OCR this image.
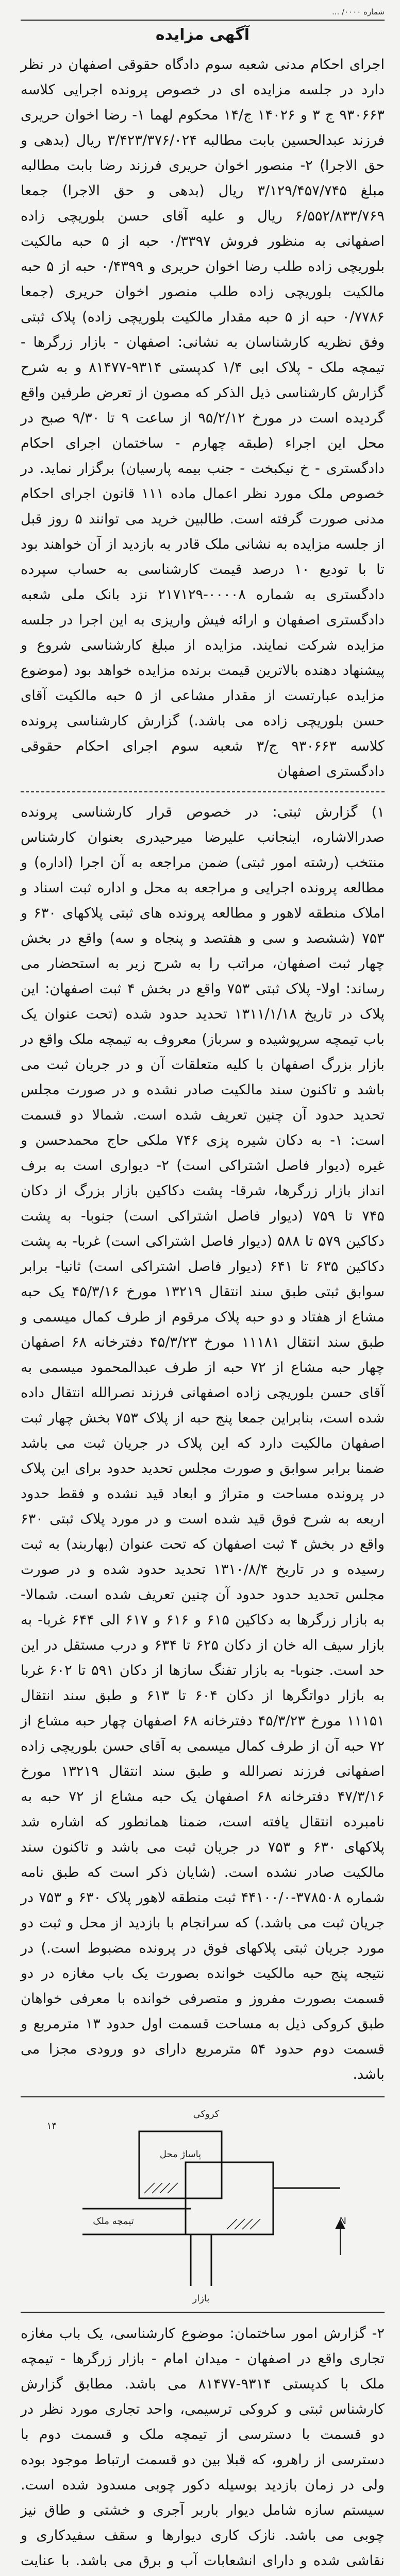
شماره ۰۰۰۰/ ...
آگهی مزایده

اجرای احکام مدنی شعبه سوم دادگاه حقوقی اصفهان در نظر دارد در جلسه مزایده ای در خصوص پرونده اجرایی کلاسه ۹۳۰۶۶۳ ج ۳ و ۱۴۰۲۶ ج/۱۴ محکوم لهما ۱- رضا اخوان حریری فرزند عبدالحسین بابت مطالبه ۳/۴۲۳/۳۷۶/۰۲۴ ریال (بدهی و حق الاجرا) ۲- منصور اخوان حریری فرزند رضا بابت مطالبه مبلغ ۳/۱۲۹/۴۵۷/۷۴۵ ریال (بدهی و حق الاجرا) جمعا ۶/۵۵۲/۸۳۳/۷۶۹ ریال و علیه آقای حسن بلوریچی زاده اصفهانی به منظور فروش ۰/۳۳۹۷ حبه از ۵ حبه مالکیت بلوریچی زاده طلب رضا اخوان حریری و ۰/۴۳۹۹ حبه از ۵ حبه مالکیت بلوریچی زاده طلب منصور اخوان حریری (جمعا ۰/۷۷۸۶ حبه از ۵ حبه مقدار مالکیت بلوریچی زاده) پلاک ثبتی وفق نظریه کارشناسان به نشانی: اصفهان - بازار زرگرها - تیمچه ملک - پلاک ابی ۱/۴ کدپستی ۹۳۱۴-۸۱۴۷۷ و به شرح گزارش کارشناسی ذیل الذکر که مصون از تعرض طرفین واقع گردیده است در مورخ ۹۵/۲/۱۲ از ساعت ۹ تا ۹/۳۰ صبح در محل این اجراء (طبقه چهارم - ساختمان اجرای احکام دادگستری - خ نیکبخت - جنب بیمه پارسیان) برگزار نماید. در خصوص ملک مورد نظر اعمال ماده ۱۱۱ قانون اجرای احکام مدنی صورت گرفته است. طالبین خرید می توانند ۵ روز قبل از جلسه مزایده به نشانی ملک قادر به بازدید از آن خواهند بود تا با تودیع ۱۰ درصد قیمت کارشناسی به حساب سپرده دادگستری به شماره ۰۰۰۰۸-۲۱۷۱۲۹ نزد بانک ملی شعبه دادگستری اصفهان و ارائه فیش واریزی به این اجرا در جلسه مزایده شرکت نمایند. مزایده از مبلغ کارشناسی شروع و پیشنهاد دهنده بالاترین قیمت برنده مزایده خواهد بود (موضوع مزایده عبارتست از مقدار مشاعی از ۵ حبه مالکیت آقای حسن بلوریچی زاده می باشد.) گزارش کارشناسی پرونده کلاسه ۹۳۰۶۶۳ ج/۳ شعبه سوم اجرای احکام حقوقی دادگستری اصفهان

۱) گزارش ثبتی: در خصوص قرار کارشناسی پرونده صدرالاشاره، اینجانب علیرضا میرحیدری بعنوان کارشناس منتخب (رشته امور ثبتی) ضمن مراجعه به آن اجرا (اداره) و مطالعه پرونده اجرایی و مراجعه به محل و اداره ثبت اسناد و املاک منطقه لاهور و مطالعه پرونده های ثبتی پلاکهای ۶۳۰ و ۷۵۳ (ششصد و سی و هفتصد و پنجاه و سه) واقع در بخش چهار ثبت اصفهان، مراتب را به شرح زیر به استحضار می رساند: اولا- پلاک ثبتی ۷۵۳ واقع در بخش ۴ ثبت اصفهان: این پلاک در تاریخ ۱۳۱۱/۱/۱۸ تحدید حدود شده (تحت عنوان یک باب تیمچه سرپوشیده و سرباز) معروف به تیمچه ملک واقع در بازار بزرگ اصفهان با کلیه متعلقات آن و در جریان ثبت می باشد و تاکنون سند مالکیت صادر نشده و در صورت مجلس تحدید حدود آن چنین تعریف شده است. شمالا دو قسمت است: ۱- به دکان شیره پزی ۷۴۶ ملکی حاج محمدحسن و غیره (دیوار فاصل اشتراکی است) ۲- دیواری است به برف انداز بازار زرگرها، شرقا- پشت دکاکین بازار بزرگ از دکان ۷۴۵ تا ۷۵۹ (دیوار فاصل اشتراکی است) جنوبا- به پشت دکاکین ۵۷۹ تا ۵۸۸ (دیوار فاصل اشتراکی است) غربا- به پشت دکاکین ۶۳۵ تا ۶۴۱ (دیوار فاصل اشتراکی است) ثانیا- برابر سوابق ثبتی طبق سند انتقال ۱۳۲۱۹ مورخ ۴۵/۳/۱۶ یک حبه مشاع از هفتاد و دو حبه پلاک مرقوم از طرف کمال میسمی و طبق سند انتقال ۱۱۱۸۱ مورخ ۴۵/۳/۲۳ دفترخانه ۶۸ اصفهان چهار حبه مشاع از ۷۲ حبه از طرف عبدالمحمود میسمی به آقای حسن بلوریچی زاده اصفهانی فرزند نصرالله انتقال داده شده است، بنابراین جمعا پنج حبه از پلاک ۷۵۳ بخش چهار ثبت اصفهان مالکیت دارد که این پلاک در جریان ثبت می باشد ضمنا برابر سوابق و صورت مجلس تحدید حدود برای این پلاک در پرونده مساحت و متراژ و ابعاد قید نشده و فقط حدود اربعه به شرح فوق قید شده است و در مورد پلاک ثبتی ۶۳۰ واقع در بخش ۴ ثبت اصفهان که تحت عنوان (بهاربند) به ثبت رسیده و در تاریخ ۱۳۱۰/۸/۴ تحدید حدود شده و در صورت مجلس تحدید حدود حدود آن چنین تعریف شده است. شمالا- به بازار زرگرها به دکاکین ۶۱۵ و ۶۱۶ و ۶۱۷ الی ۶۴۴ غربا- به بازار سیف اله خان از دکان ۶۲۵ تا ۶۳۴ و درب مستقل در این حد است. جنوبا- به بازار تفنگ سازها از دکان ۵۹۱ تا ۶۰۲ غربا به بازار دواتگرها از دکان ۶۰۴ تا ۶۱۳ و طبق سند انتقال ۱۱۱۵۱ مورخ ۴۵/۳/۲۳ دفترخانه ۶۸ اصفهان چهار حبه مشاع از ۷۲ حبه آن از طرف کمال میسمی به آقای حسن بلوریچی زاده اصفهانی فرزند نصرالله و طبق سند انتقال ۱۳۲۱۹ مورخ ۴۷/۳/۱۶ دفترخانه ۶۸ اصفهان یک حبه مشاع از ۷۲ حبه به نامبرده انتقال یافته است، ضمنا همانطور که اشاره شد پلاکهای ۶۳۰ و ۷۵۳ در جریان ثبت می باشد و تاکنون سند مالکیت صادر نشده است. (شایان ذکر است که طبق نامه شماره ۳۷۸۵۰۸-۴۴۱۰۰/۰ ثبت منطقه لاهور پلاک ۶۳۰ و ۷۵۳ در جریان ثبت می باشد.) که سرانجام با بازدید از محل و ثبت دو مورد جریان ثبتی پلاکهای فوق در پرونده مضبوط است.) در نتیجه پنج حبه مالکیت خوانده بصورت یک باب مغازه در دو قسمت بصورت مفروز و متصرفی خوانده با معرفی خواهان طبق کروکی ذیل به مساحت قسمت اول حدود ۱۳ مترمربع و قسمت دوم حدود ۵۴ مترمربع دارای دو ورودی مجزا می باشد.

کروکی
۱۴
N
پاساژ محل
تیمچه ملک
بازار

۲- گزارش امور ساختمان: موضوع کارشناسی، یک باب مغازه تجاری واقع در اصفهان - میدان امام - بازار زرگرها - تیمچه ملک با کدپستی ۹۳۱۴-۸۱۴۷۷ می باشد. مطابق گزارش کارشناس ثبتی و کروکی ترسیمی، واحد تجاری مورد نظر در دو قسمت با دسترسی از تیمچه ملک و قسمت دوم با دسترسی از راهرو، که قبلا بین دو قسمت ارتباط موجود بوده ولی در زمان بازدید بوسیله دکور چوبی مسدود شده است. سیستم سازه شامل دیوار باربر آجری و خشتی و طاق نیز چوبی می باشد. نازک کاری دیوارها و سقف سفیدکاری و نقاشی شده و دارای انشعابات آب و برق می باشد. با عنایت
